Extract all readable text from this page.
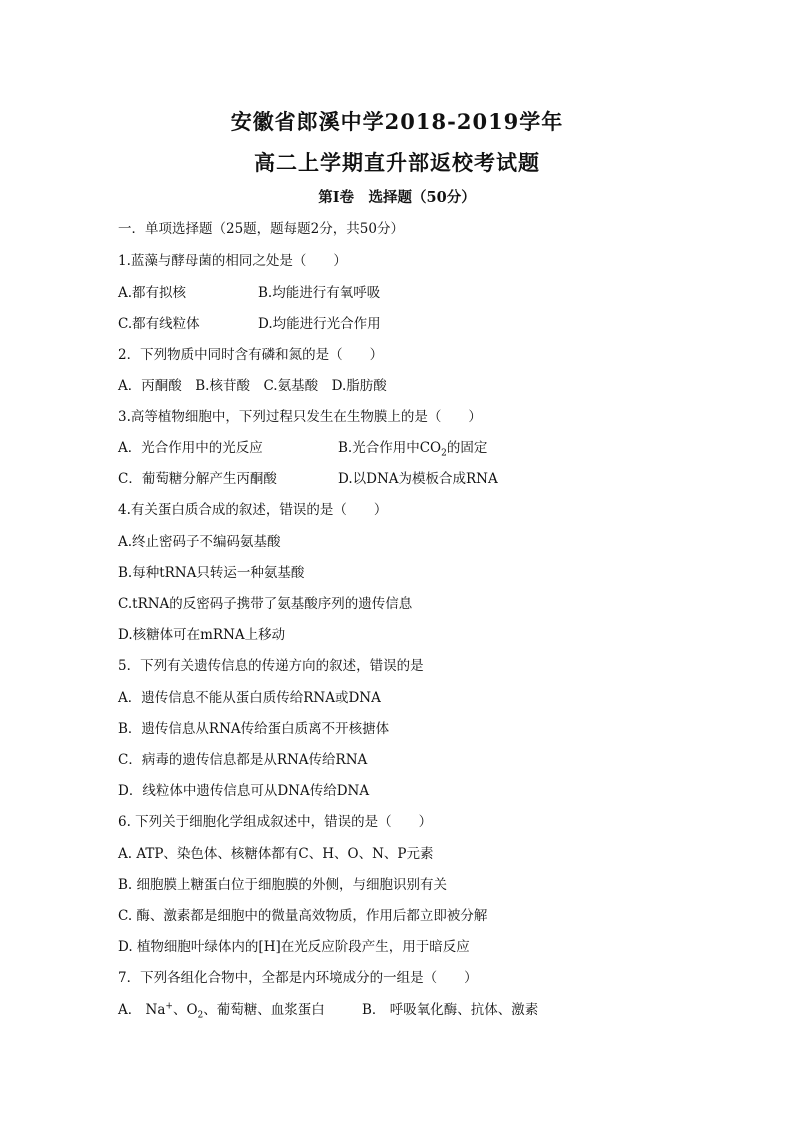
安徽省郎溪中学2018-2019学年
高二上学期直升部返校考试题
第Ⅰ卷　选择题（50分）
一．单项选择题（25题，题每题2分，共50分）
1.蓝藻与酵母菌的相同之处是（　　）
A.都有拟核	B.均能进行有氧呼吸
C.都有线粒体	D.均能进行光合作用
2．下列物质中同时含有磷和氮的是（　　）
A．丙酮酸　B.核苷酸　C.氨基酸　D.脂肪酸
3.高等植物细胞中，下列过程只发生在生物膜上的是（　　）
A．光合作用中的光反应	B.光合作用中$CO_2$的固定
C．葡萄糖分解产生丙酮酸	D.以DNA为模板合成RNA
4.有关蛋白质合成的叙述，错误的是（　　）
A.终止密码子不编码氨基酸
B.每种tRNA只转运一种氨基酸
C.tRNA的反密码子携带了氨基酸序列的遗传信息
D.核糖体可在mRNA上移动
5．下列有关遗传信息的传递方向的叙述，错误的是
A．遗传信息不能从蛋白质传给RNA或DNA
B．遗传信息从RNA传给蛋白质离不开核搪体
C．病毒的遗传信息都是从RNA传给RNA
D．线粒体中遗传信息可从DNA传给DNA
6. 下列关于细胞化学组成叙述中，错误的是（　　）
A. ATP、染色体、核糖体都有C、H、O、N、P元素
B. 细胞膜上糖蛋白位于细胞膜的外侧，与细胞识别有关
C. 酶、激素都是细胞中的微量高效物质，作用后都立即被分解
D. 植物细胞叶绿体内的[H]在光反应阶段产生，用于暗反应
7．下列各组化合物中，全都是内环境成分的一组是（　　）
A． Na+、$O_2$、葡萄糖、血浆蛋白	B． 呼吸氧化酶、抗体、激素
